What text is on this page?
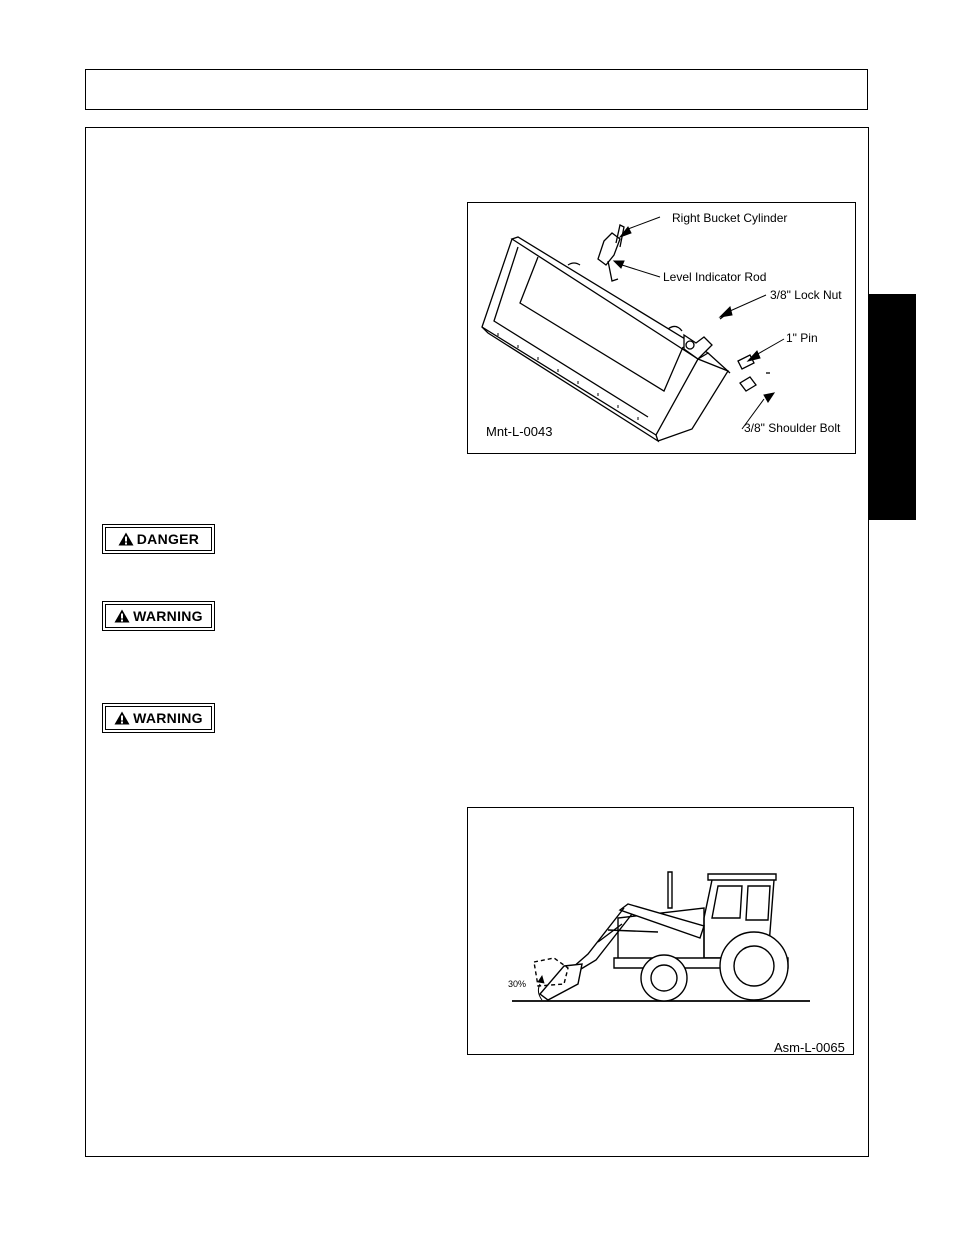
Right Bucket Cylinder
Level Indicator Rod
3/8" Lock Nut
1" Pin
3/8" Shoulder Bolt
Mnt-L-0043
DANGER
WARNING
WARNING
30%
Asm-L-0065
